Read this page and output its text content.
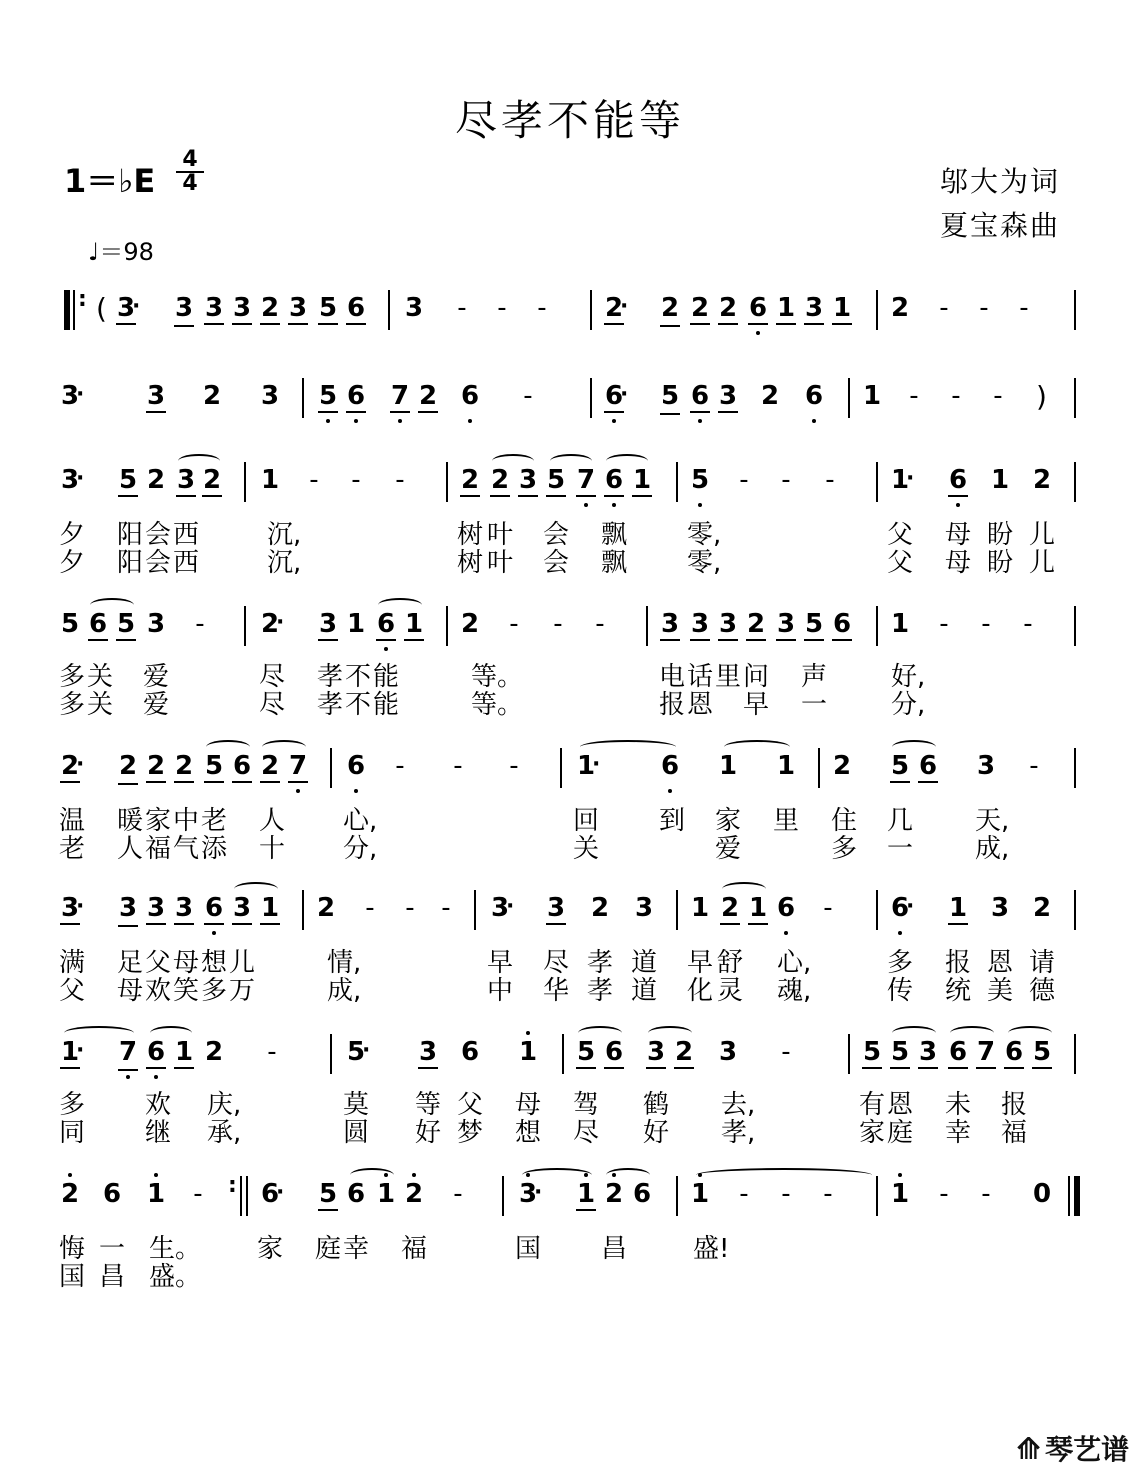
尽孝不能等
1＝♭E
4
4
♩＝98
邬大为词
夏宝森曲
: ( 3 · 3 3 3 2 3 5 6 3 - - - 2 · 2 2 2 6 1 3 1 2 - - -
3 ·	3 2 3 5 6 7 2 6 -	6 · 5 6 3 2 6 1 - - - )
3 · 5 2 3 2 1 - - - 2 2 3 5 7 6 1 5 - - - 1 · 6 1 2
夕 阳 会 西	沉,	树 叶 会 飘 零,	父 母 盼 儿
夕 阳 会 西	沉,	树 叶 会 飘 零,	父 母 盼 儿
5 6 5 3 - 2 · 3 1 6 1 2 - - - 3 3 3 2 3 5 6 1 - - -
多 关 爱	尽 孝 不 能	等。	电 话 里 问 声 好,
多 关 爱	尽 孝 不 能	等。	报 恩 早 一 分,
2 · 2 2 2 5 6 2 7 6 - - - 1 ·	6 1 1 2 5 6 3 -
温 暖 家 中 老 人 心,	回 到 家 里 住 几 天,
老 人 福 气 添 十 分,	关	爱	多 一 成,
3 · 3 3 3 6 3 1 2 - - - 3 · 3 2 3 1 2 1 6 - 6 · 1 3 2
满 足 父 母 想 儿	情,	早 尽 孝 道 早 舒 心,	多 报 恩 请
父 母 欢 笑 多 万	成,	中 华 孝 道 化 灵 魂,	传 统 美 德
1 · 7 6 1 2 -	5 · 3 6 1 5 6 3 2 3 -	5 5 3 6 7 6 5
多 欢 庆,	莫 等 父 母 驾 鹤 去,	有 恩 未 报
同 继 承,	圆 好 梦 想 尽 好 孝,	家 庭 幸 福
2 6 1 - : 6 · 5 6 1 2 - 3 · 1 2 6 1 - - - 1 - - 0
悔 一 生。 家 庭 幸 福	国 昌	盛!
国 昌 盛。
⟰ 琴艺谱
